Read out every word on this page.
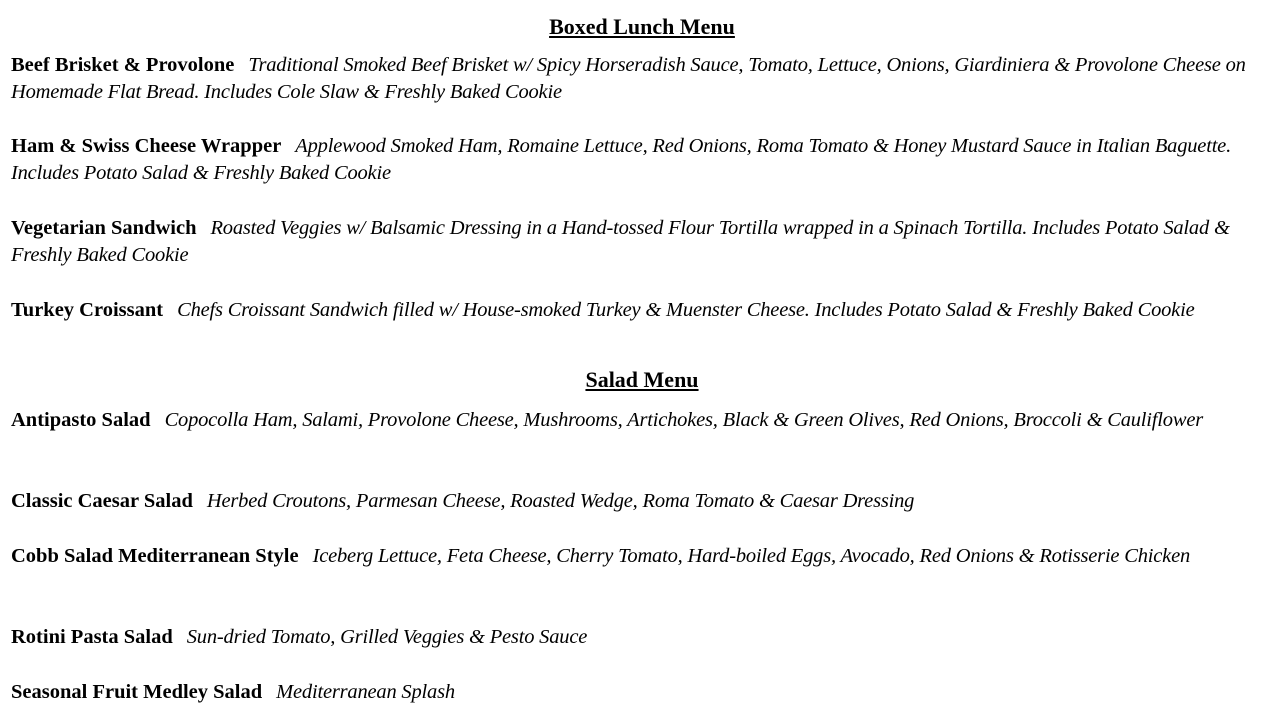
Boxed Lunch Menu

Beef Brisket & Provolone Traditional Smoked Beef Brisket w/ Spicy Horseradish Sauce, Tomato, Lettuce, Onions, Giardiniera & Provolone Cheese on Homemade Flat Bread. Includes Cole Slaw & Freshly Baked Cookie

Ham & Swiss Cheese Wrapper Applewood Smoked Ham, Romaine Lettuce, Red Onions, Roma Tomato & Honey Mustard Sauce in Italian Baguette. Includes Potato Salad & Freshly Baked Cookie

Vegetarian Sandwich Roasted Veggies w/ Balsamic Dressing in a Hand-tossed Flour Tortilla wrapped in a Spinach Tortilla. Includes Potato Salad & Freshly Baked Cookie

Turkey Croissant Chefs Croissant Sandwich filled w/ House-smoked Turkey & Muenster Cheese. Includes Potato Salad & Freshly Baked Cookie

Salad Menu

Antipasto Salad Copocolla Ham, Salami, Provolone Cheese, Mushrooms, Artichokes, Black & Green Olives, Red Onions, Broccoli & Cauliflower

Classic Caesar Salad Herbed Croutons, Parmesan Cheese, Roasted Wedge, Roma Tomato & Caesar Dressing

Cobb Salad Mediterranean Style Iceberg Lettuce, Feta Cheese, Cherry Tomato, Hard-boiled Eggs, Avocado, Red Onions & Rotisserie Chicken

Rotini Pasta Salad Sun-dried Tomato, Grilled Veggies & Pesto Sauce

Seasonal Fruit Medley Salad Mediterranean Splash
